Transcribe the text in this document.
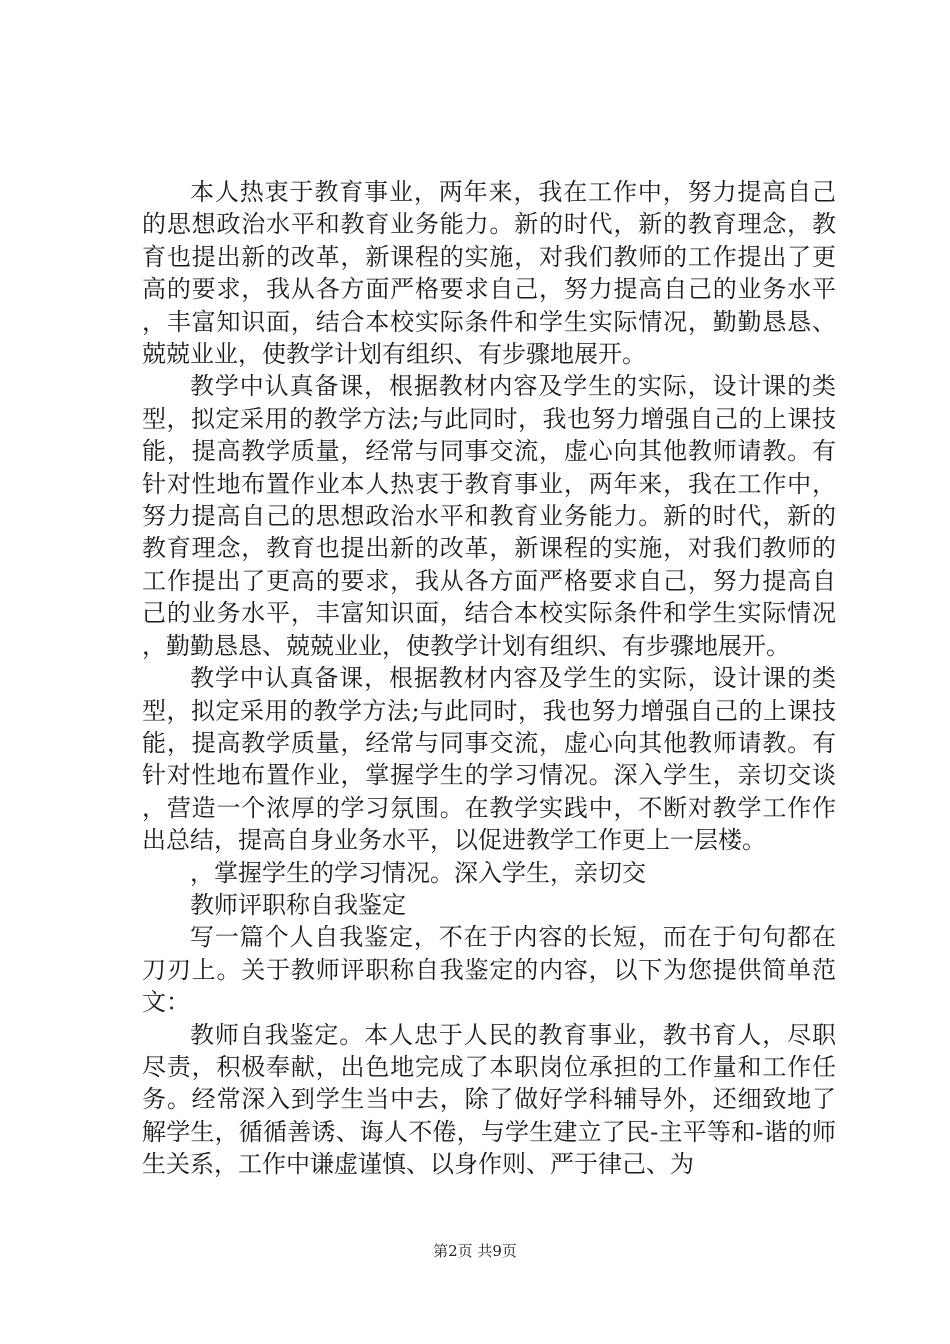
本人热衷于教育事业，两年来，我在工作中，努力提高自己的思想政治水平和教育业务能力。新的时代，新的教育理念，教育也提出新的改革，新课程的实施，对我们教师的工作提出了更高的要求，我从各方面严格要求自己，努力提高自己的业务水平，丰富知识面，结合本校实际条件和学生实际情况，勤勤恳恳、兢兢业业，使教学计划有组织、有步骤地展开。

教学中认真备课，根据教材内容及学生的实际，设计课的类型，拟定采用的教学方法;与此同时，我也努力增强自己的上课技能，提高教学质量，经常与同事交流，虚心向其他教师请教。有针对性地布置作业本人热衷于教育事业，两年来，我在工作中，努力提高自己的思想政治水平和教育业务能力。新的时代，新的教育理念，教育也提出新的改革，新课程的实施，对我们教师的工作提出了更高的要求，我从各方面严格要求自己，努力提高自己的业务水平，丰富知识面，结合本校实际条件和学生实际情况，勤勤恳恳、兢兢业业，使教学计划有组织、有步骤地展开。

教学中认真备课，根据教材内容及学生的实际，设计课的类型，拟定采用的教学方法;与此同时，我也努力增强自己的上课技能，提高教学质量，经常与同事交流，虚心向其他教师请教。有针对性地布置作业，掌握学生的学习情况。深入学生，亲切交谈，营造一个浓厚的学习氛围。在教学实践中，不断对教学工作作出总结，提高自身业务水平，以促进教学工作更上一层楼。

，掌握学生的学习情况。深入学生，亲切交

教师评职称自我鉴定

写一篇个人自我鉴定，不在于内容的长短，而在于句句都在刀刃上。关于教师评职称自我鉴定的内容，以下为您提供简单范文：

教师自我鉴定。本人忠于人民的教育事业，教书育人，尽职尽责，积极奉献，出色地完成了本职岗位承担的工作量和工作任务。经常深入到学生当中去，除了做好学科辅导外，还细致地了解学生，循循善诱、诲人不倦，与学生建立了民-主平等和-谐的师生关系，工作中谦虚谨慎、以身作则、严于律己、为

第2页 共9页
